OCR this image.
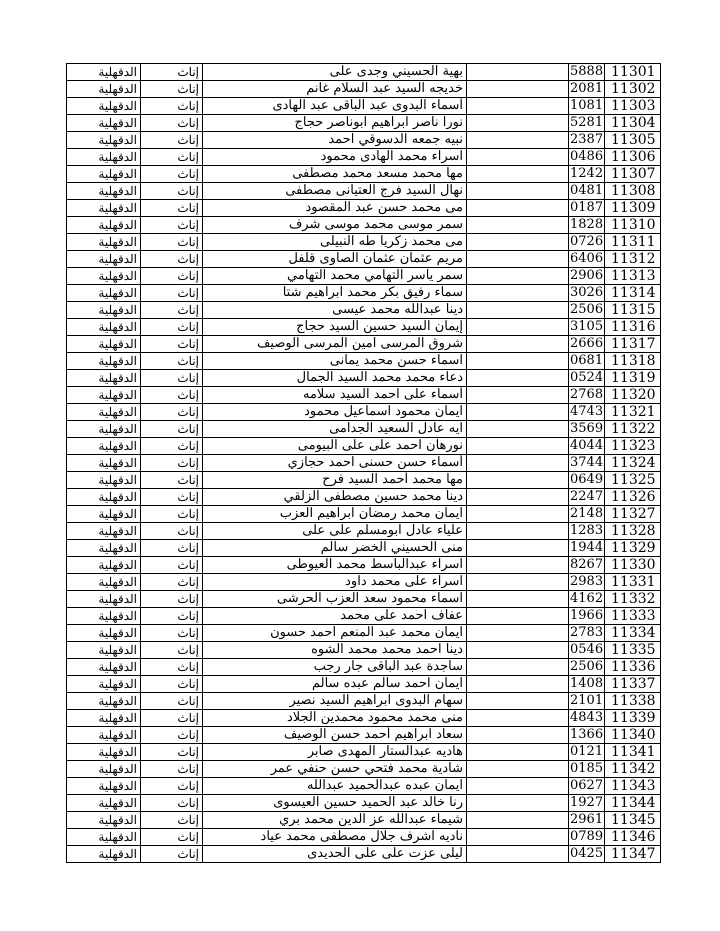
الدقهلية	إناث	بهية الحسيني وجدى على		5888	11301
الدقهلية	إناث	خديجه السيد عبد السلام غانم		2081	11302
الدقهلية	إناث	أسماء البدوى عبد الباقى عبد الهادى		1081	11303
الدقهلية	إناث	نورا ناصر ابراهيم ابوناصر حجاج		5281	11304
الدقهلية	إناث	نبيه جمعه الدسوقي احمد		2387	11305
الدقهلية	إناث	اسراء محمد الهادى محمود		0486	11306
الدقهلية	إناث	مها محمد مسعد محمد مصطفى		1242	11307
الدقهلية	إناث	نهال السيد فرج العتيانى مصطفى		0481	11308
الدقهلية	إناث	مى محمد حسن عبد المقصود		0187	11309
الدقهلية	إناث	سمر موسى محمد موسى شرف		1828	11310
الدقهلية	إناث	مى محمد زكريا طه النبيلى		0726	11311
الدقهلية	إناث	مريم عثمان عثمان الصاوى قلفل		6406	11312
الدقهلية	إناث	سمر ياسر التهامي محمد التهامي		2906	11313
الدقهلية	إناث	سماء رفيق بكر محمد ابراهيم شتا		3026	11314
الدقهلية	إناث	دينا عبدالله محمد عيسى		2506	11315
الدقهلية	إناث	إيمان السيد حسين السيد حجاج		3105	11316
الدقهلية	إناث	شروق المرسى امين المرسى الوصيف		2666	11317
الدقهلية	إناث	اسماء حسن محمد يمانى		0681	11318
الدقهلية	إناث	دعاء محمد محمد السيد الجمال		0524	11319
الدقهلية	إناث	أسماء على احمد السيد سلامه		2768	11320
الدقهلية	إناث	ايمان محمود اسماعيل محمود		4743	11321
الدقهلية	إناث	ايه عادل السعيد الجدامى		3569	11322
الدقهلية	إناث	نورهان احمد على على البيومى		4044	11323
الدقهلية	إناث	أسماء حسن حسنى احمد حجازي		3744	11324
الدقهلية	إناث	مها محمد أحمد السيد فرح		0649	11325
الدقهلية	إناث	دينا محمد حسين مصطفى الزلقي		2247	11326
الدقهلية	إناث	ايمان محمد رمضان ابراهيم العزب		2148	11327
الدقهلية	إناث	علياء عادل ابومسلم على على		1283	11328
الدقهلية	إناث	منى الحسيني الخضر سالم		1944	11329
الدقهلية	إناث	اسراء عبدالباسط محمد العيوطى		8267	11330
الدقهلية	إناث	اسراء على محمد داود		2983	11331
الدقهلية	إناث	اسماء محمود سعد العزب الحرشى		4162	11332
الدقهلية	إناث	عفاف احمد على محمد		1966	11333
الدقهلية	إناث	ايمان محمد عبد المنعم احمد حسون		2783	11334
الدقهلية	إناث	دينا احمد محمد محمد الشوه		0546	11335
الدقهلية	إناث	ساجدة عبد الباقى جار رجب		2506	11336
الدقهلية	إناث	ايمان احمد سالم عبده سالم		1408	11337
الدقهلية	إناث	سهام البدوى ابراهيم السيد نصير		2101	11338
الدقهلية	إناث	منى محمد محمود محمدين الجلاد		4843	11339
الدقهلية	إناث	سعاد ابراهيم أحمد حسن الوصيف		1366	11340
الدقهلية	إناث	هاديه عبدالستار المهدى صابر		0121	11341
الدقهلية	إناث	شادية محمد فتحي حسن حنفي عمر		0185	11342
الدقهلية	إناث	ايمان عبده عبدالحميد عبدالله		0627	11343
الدقهلية	إناث	رنا خالد عبد الحميد حسين العيسوى		1927	11344
الدقهلية	إناث	شيماء عبدالله عز الدين محمد بري		2961	11345
الدقهلية	إناث	ناديه اشرف جلال مصطفى محمد عياد		0789	11346
الدقهلية	إناث	ليلى عزت على على الحديدى		0425	11347
